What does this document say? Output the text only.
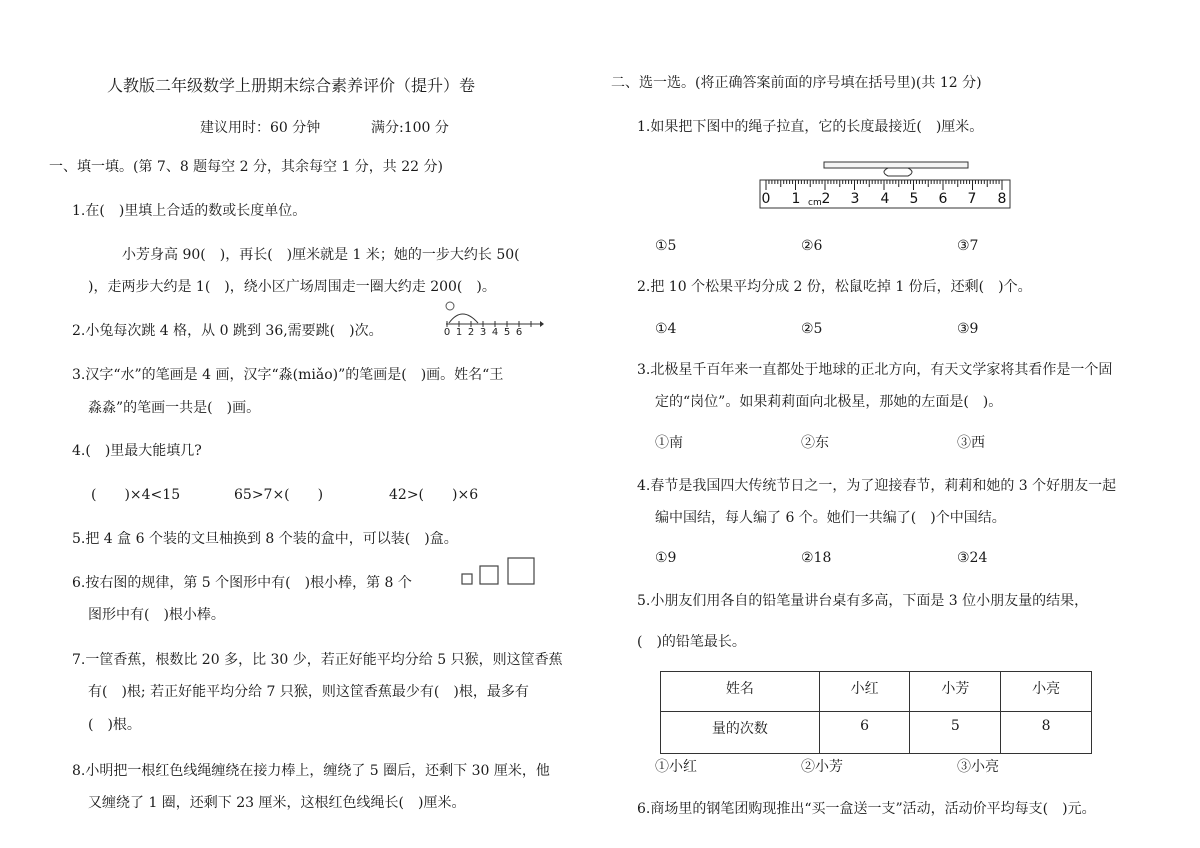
人教版二年级数学上册期末综合素养评价（提升）卷
建议用时：60 分钟	满分:100 分
一、填一填。(第 7、8 题每空 2 分，其余每空 1 分，共 22 分)
1.在(　)里填上合适的数或长度单位。
小芳身高 90(　)，再长(　)厘米就是 1 米；她的一步大约长 50(
)，走两步大约是 1(　)，绕小区广场周围走一圈大约走 200(　)。
2.小兔每次跳 4 格，从 0 跳到 36,需要跳(　)次。	0 1 2 3 4 5 6
3.汉字“水”的笔画是 4 画，汉字“淼(miǎo)”的笔画是(　)画。姓名“王
淼淼”的笔画一共是(　)画。
4.(　)里最大能填几?
(　　)×4<15	65>7×(　　)	42>(　　)×6
5.把 4 盒 6 个装的文旦柚换到 8 个装的盒中，可以装(　)盒。
6.按右图的规律，第 5 个图形中有(　)根小棒，第 8 个
图形中有(　)根小棒。
7.一筐香蕉，根数比 20 多，比 30 少，若正好能平均分给 5 只猴，则这筐香蕉
有(　)根; 若正好能平均分给 7 只猴，则这筐香蕉最少有(　)根，最多有
(　)根。
8.小明把一根红色线绳缠绕在接力棒上，缠绕了 5 圈后，还剩下 30 厘米，他
又缠绕了 1 圈，还剩下 23 厘米，这根红色线绳长(　)厘米。
二、选一选。(将正确答案前面的序号填在括号里)(共 12 分)
1.如果把下图中的绳子拉直，它的长度最接近(　)厘米。
0 1 cm 2 3 4 5 6 7 8
①5	②6	③7
2.把 10 个松果平均分成 2 份，松鼠吃掉 1 份后，还剩(　)个。
①4	②5	③9
3.北极星千百年来一直都处于地球的正北方向，有天文学家将其看作是一个固
定的“岗位”。如果莉莉面向北极星，那她的左面是(　)。
①南	②东	③西
4.春节是我国四大传统节日之一，为了迎接春节，莉莉和她的 3 个好朋友一起
编中国结，每人编了 6 个。她们一共编了(　)个中国结。
①9	②18	③24
5.小朋友们用各自的铅笔量讲台桌有多高，下面是 3 位小朋友量的结果，
(　)的铅笔最长。
姓名	小红	小芳	小亮
量的次数	6	5	8
①小红	②小芳	③小亮
6.商场里的钢笔团购现推出“买一盒送一支”活动，活动价平均每支(　)元。
